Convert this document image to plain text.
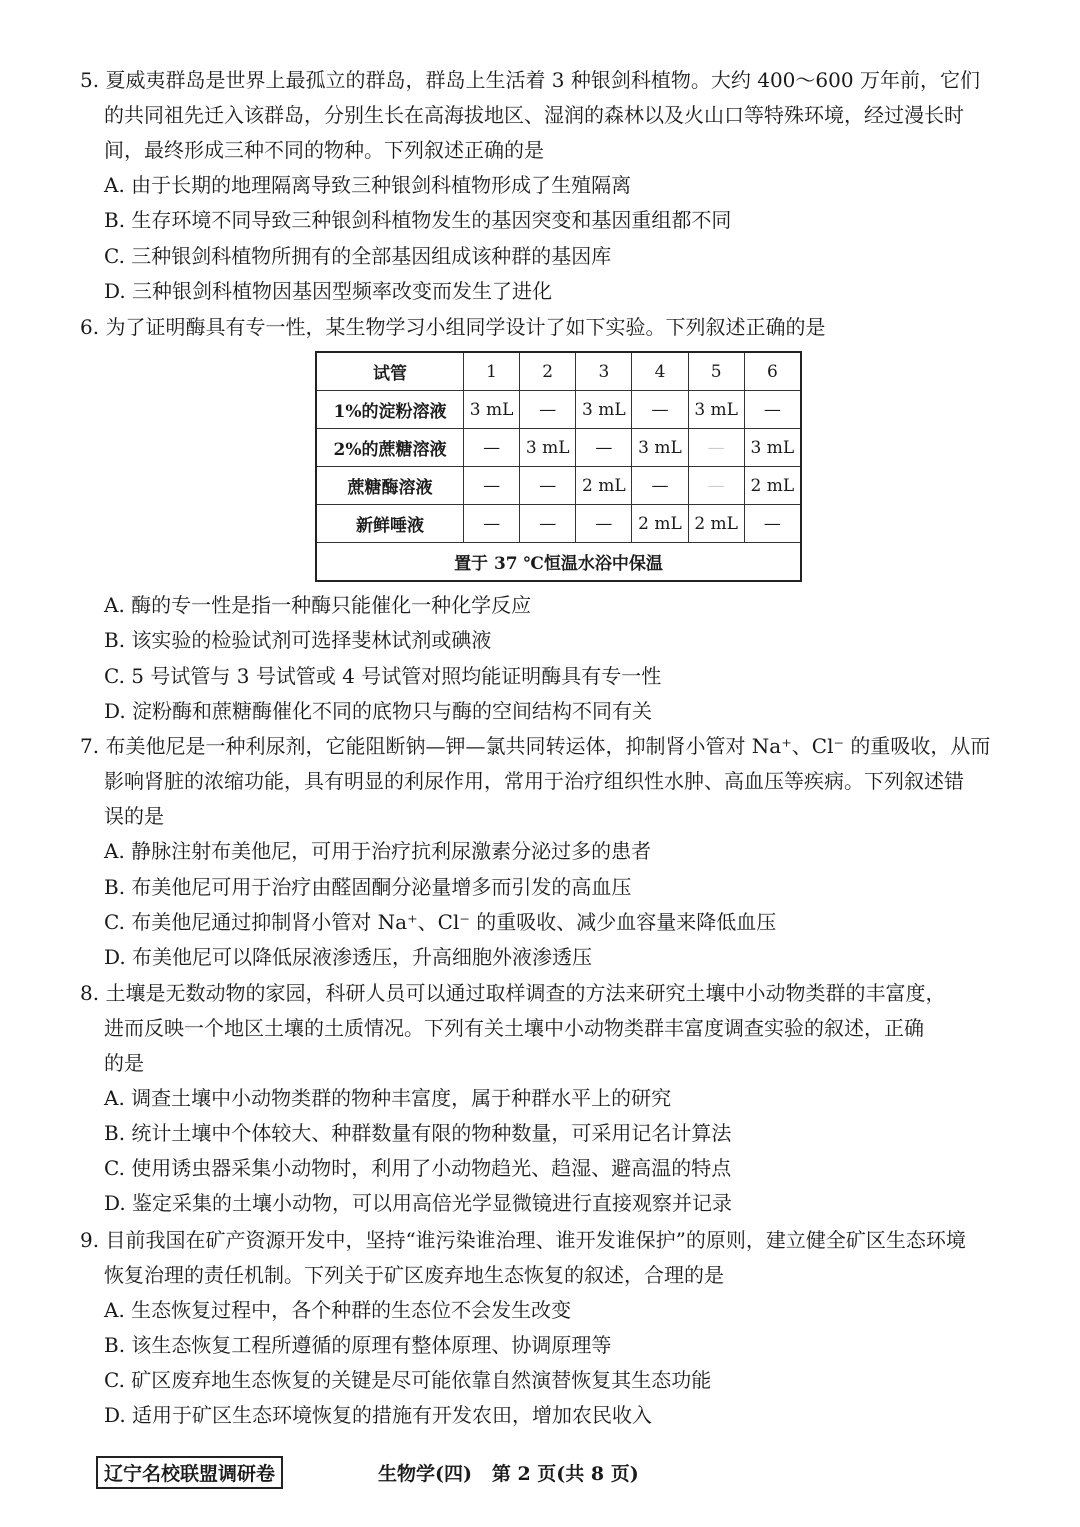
5. 夏威夷群岛是世界上最孤立的群岛，群岛上生活着 3 种银剑科植物。大约 400～600 万年前，它们
的共同祖先迁入该群岛，分别生长在高海拔地区、湿润的森林以及火山口等特殊环境，经过漫长时
间，最终形成三种不同的物种。下列叙述正确的是
A. 由于长期的地理隔离导致三种银剑科植物形成了生殖隔离
B. 生存环境不同导致三种银剑科植物发生的基因突变和基因重组都不同
C. 三种银剑科植物所拥有的全部基因组成该种群的基因库
D. 三种银剑科植物因基因型频率改变而发生了进化
6. 为了证明酶具有专一性，某生物学习小组同学设计了如下实验。下列叙述正确的是
A. 酶的专一性是指一种酶只能催化一种化学反应
B. 该实验的检验试剂可选择斐林试剂或碘液
C. 5 号试管与 3 号试管或 4 号试管对照均能证明酶具有专一性
D. 淀粉酶和蔗糖酶催化不同的底物只与酶的空间结构不同有关
7. 布美他尼是一种利尿剂，它能阻断钠—钾—氯共同转运体，抑制肾小管对 Na⁺、Cl⁻ 的重吸收，从而
影响肾脏的浓缩功能，具有明显的利尿作用，常用于治疗组织性水肿、高血压等疾病。下列叙述错
误的是
A. 静脉注射布美他尼，可用于治疗抗利尿激素分泌过多的患者
B. 布美他尼可用于治疗由醛固酮分泌量增多而引发的高血压
C. 布美他尼通过抑制肾小管对 Na⁺、Cl⁻ 的重吸收、减少血容量来降低血压
D. 布美他尼可以降低尿液渗透压，升高细胞外液渗透压
8. 土壤是无数动物的家园，科研人员可以通过取样调查的方法来研究土壤中小动物类群的丰富度，
进而反映一个地区土壤的土质情况。下列有关土壤中小动物类群丰富度调查实验的叙述，正确
的是
A. 调查土壤中小动物类群的物种丰富度，属于种群水平上的研究
B. 统计土壤中个体较大、种群数量有限的物种数量，可采用记名计算法
C. 使用诱虫器采集小动物时，利用了小动物趋光、趋湿、避高温的特点
D. 鉴定采集的土壤小动物，可以用高倍光学显微镜进行直接观察并记录
9. 目前我国在矿产资源开发中，坚持“谁污染谁治理、谁开发谁保护”的原则，建立健全矿区生态环境
恢复治理的责任机制。下列关于矿区废弃地生态恢复的叙述，合理的是
A. 生态恢复过程中，各个种群的生态位不会发生改变
B. 该生态恢复工程所遵循的原理有整体原理、协调原理等
C. 矿区废弃地生态恢复的关键是尽可能依靠自然演替恢复其生态功能
D. 适用于矿区生态环境恢复的措施有开发农田，增加农民收入
试管	1	2	3	4	5	6
1%的淀粉溶液	3 mL	—	3 mL	—	3 mL	—
2%的蔗糖溶液	—	3 mL	—	3 mL	—	3 mL
蔗糖酶溶液	—	—	2 mL	—	—	2 mL
新鲜唾液	—	—	—	2 mL	2 mL	—
置于 37 ℃恒温水浴中保温						
辽宁名校联盟调研卷	生物学(四)   第 2 页(共 8 页)
